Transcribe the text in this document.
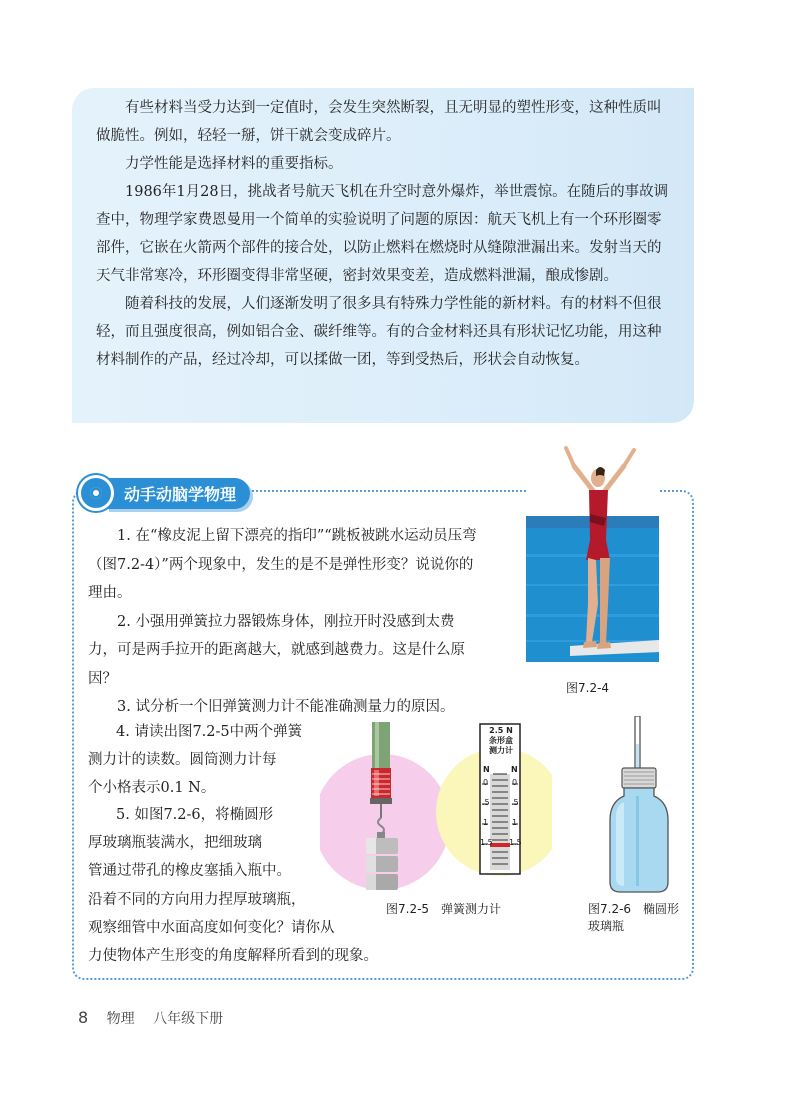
有些材料当受力达到一定值时，会发生突然断裂，且无明显的塑性形变，这种性质叫做脆性。例如，轻轻一掰，饼干就会变成碎片。

力学性能是选择材料的重要指标。

1986年1月28日，挑战者号航天飞机在升空时意外爆炸，举世震惊。在随后的事故调查中，物理学家费恩曼用一个简单的实验说明了问题的原因：航天飞机上有一个环形圈零部件，它嵌在火箭两个部件的接合处，以防止燃料在燃烧时从缝隙泄漏出来。发射当天的天气非常寒冷，环形圈变得非常坚硬，密封效果变差，造成燃料泄漏，酿成惨剧。

随着科技的发展，人们逐渐发明了很多具有特殊力学性能的新材料。有的材料不但很轻，而且强度很高，例如铝合金、碳纤维等。有的合金材料还具有形状记忆功能，用这种材料制作的产品，经过冷却，可以揉做一团，等到受热后，形状会自动恢复。

动手动脑学物理

1. 在“橡皮泥上留下漂亮的指印”“跳板被跳水运动员压弯（图7.2-4）”两个现象中，发生的是不是弹性形变？说说你的理由。

2. 小强用弹簧拉力器锻炼身体，刚拉开时没感到太费力，可是两手拉开的距离越大，就感到越费力。这是什么原因？

3. 试分析一个旧弹簧测力计不能准确测量力的原因。

4. 请读出图7.2-5中两个弹簧
测力计的读数。圆筒测力计每
个小格表示0.1 N。
5. 如图7.2-6，将椭圆形
厚玻璃瓶装满水，把细玻璃
管通过带孔的橡皮塞插入瓶中。
沿着不同的方向用力捏厚玻璃瓶，
观察细管中水面高度如何变化？请你从
力使物体产生形变的角度解释所看到的现象。
图7.2-4
2.5 N
条形盒
测力计
N	N
0
.5
1
1.5
0
.5
1
1.5
图7.2-5　弹簧测力计	图7.2-6　椭圆形
玻璃瓶
8 物理 八年级下册
